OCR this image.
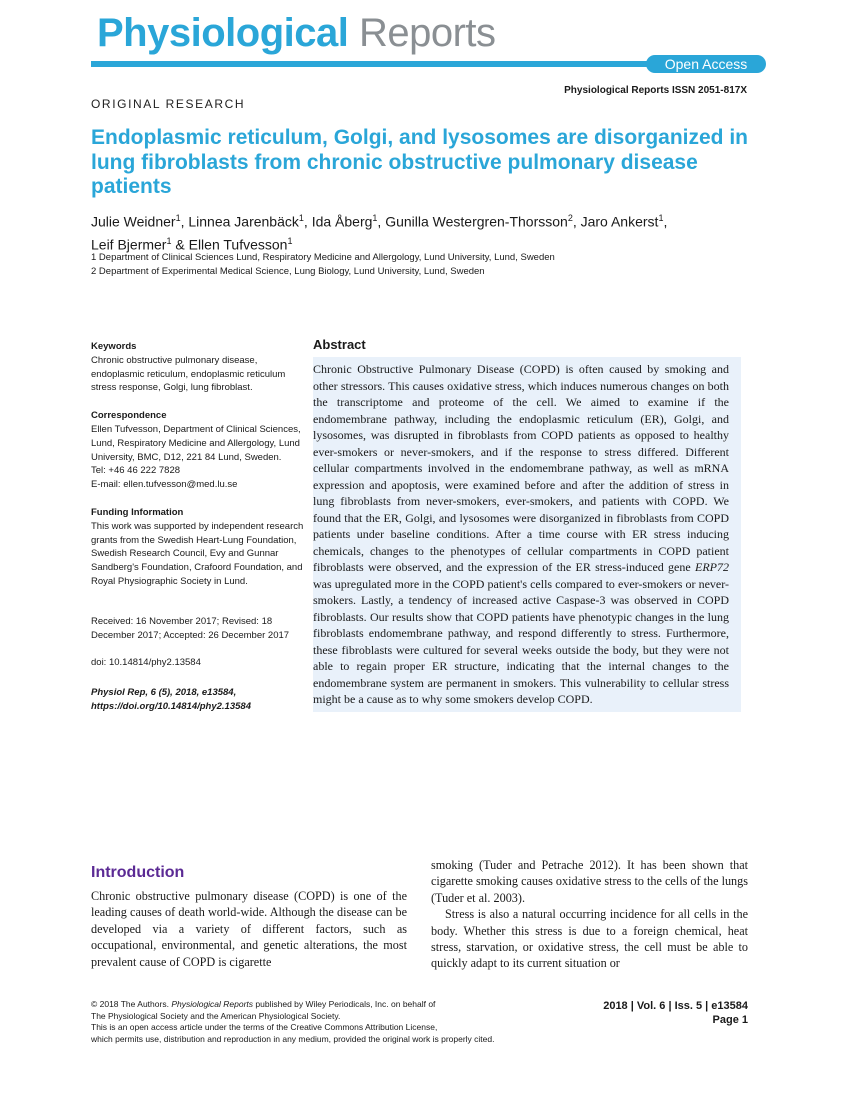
Physiological Reports
Open Access
Physiological Reports ISSN 2051-817X
ORIGINAL RESEARCH
Endoplasmic reticulum, Golgi, and lysosomes are disorganized in lung fibroblasts from chronic obstructive pulmonary disease patients
Julie Weidner$^1$, Linnea Jarenbäck$^1$, Ida Åberg$^1$, Gunilla Westergren-Thorsson$^2$, Jaro Ankerst$^1$,
Leif Bjermer$^1$ & Ellen Tufvesson$^1$
1 Department of Clinical Sciences Lund, Respiratory Medicine and Allergology, Lund University, Lund, Sweden
2 Department of Experimental Medical Science, Lung Biology, Lund University, Lund, Sweden

Keywords

Chronic obstructive pulmonary disease, endoplasmic reticulum, endoplasmic reticulum stress response, Golgi, lung fibroblast.

Correspondence

Ellen Tufvesson, Department of Clinical Sciences, Lund, Respiratory Medicine and Allergology, Lund University, BMC, D12, 221 84 Lund, Sweden.

Tel: +46 46 222 7828

E-mail: ellen.tufvesson@med.lu.se

Funding Information

This work was supported by independent research grants from the Swedish Heart-Lung Foundation, Swedish Research Council, Evy and Gunnar Sandberg's Foundation, Crafoord Foundation, and Royal Physiographic Society in Lund.

Received: 16 November 2017; Revised: 18 December 2017; Accepted: 26 December 2017

doi: 10.14814/phy2.13584

Physiol Rep, 6 (5), 2018, e13584,
https://doi.org/10.14814/phy2.13584
Abstract
Chronic Obstructive Pulmonary Disease (COPD) is often caused by smoking and other stressors. This causes oxidative stress, which induces numerous changes on both the transcriptome and proteome of the cell. We aimed to examine if the endomembrane pathway, including the endoplasmic reticulum (ER), Golgi, and lysosomes, was disrupted in fibroblasts from COPD patients as opposed to healthy ever-smokers or never-smokers, and if the response to stress differed. Different cellular compartments involved in the endomembrane pathway, as well as mRNA expression and apoptosis, were examined before and after the addition of stress in lung fibroblasts from never-smokers, ever-smokers, and patients with COPD. We found that the ER, Golgi, and lysosomes were disorganized in fibroblasts from COPD patients under baseline conditions. After a time course with ER stress inducing chemicals, changes to the phenotypes of cellular compartments in COPD patient fibroblasts were observed, and the expression of the ER stress-induced gene ERP72 was upregulated more in the COPD patient's cells compared to ever-smokers or never-smokers. Lastly, a tendency of increased active Caspase-3 was observed in COPD fibroblasts. Our results show that COPD patients have phenotypic changes in the lung fibroblasts endomembrane pathway, and respond differently to stress. Furthermore, these fibroblasts were cultured for several weeks outside the body, but they were not able to regain proper ER structure, indicating that the internal changes to the endomembrane system are permanent in smokers. This vulnerability to cellular stress might be a cause as to why some smokers develop COPD.
Introduction
Chronic obstructive pulmonary disease (COPD) is one of the leading causes of death world-wide. Although the disease can be developed via a variety of different factors, such as occupational, environmental, and genetic alterations, the most prevalent cause of COPD is cigarette

smoking (Tuder and Petrache 2012). It has been shown that cigarette smoking causes oxidative stress to the cells of the lungs (Tuder et al. 2003).

Stress is also a natural occurring incidence for all cells in the body. Whether this stress is due to a foreign chemical, heat stress, starvation, or oxidative stress, the cell must be able to quickly adapt to its current situation or

© 2018 The Authors. Physiological Reports published by Wiley Periodicals, Inc. on behalf of
The Physiological Society and the American Physiological Society.
This is an open access article under the terms of the Creative Commons Attribution License,
which permits use, distribution and reproduction in any medium, provided the original work is properly cited.
2018 | Vol. 6 | Iss. 5 | e13584
Page 1
